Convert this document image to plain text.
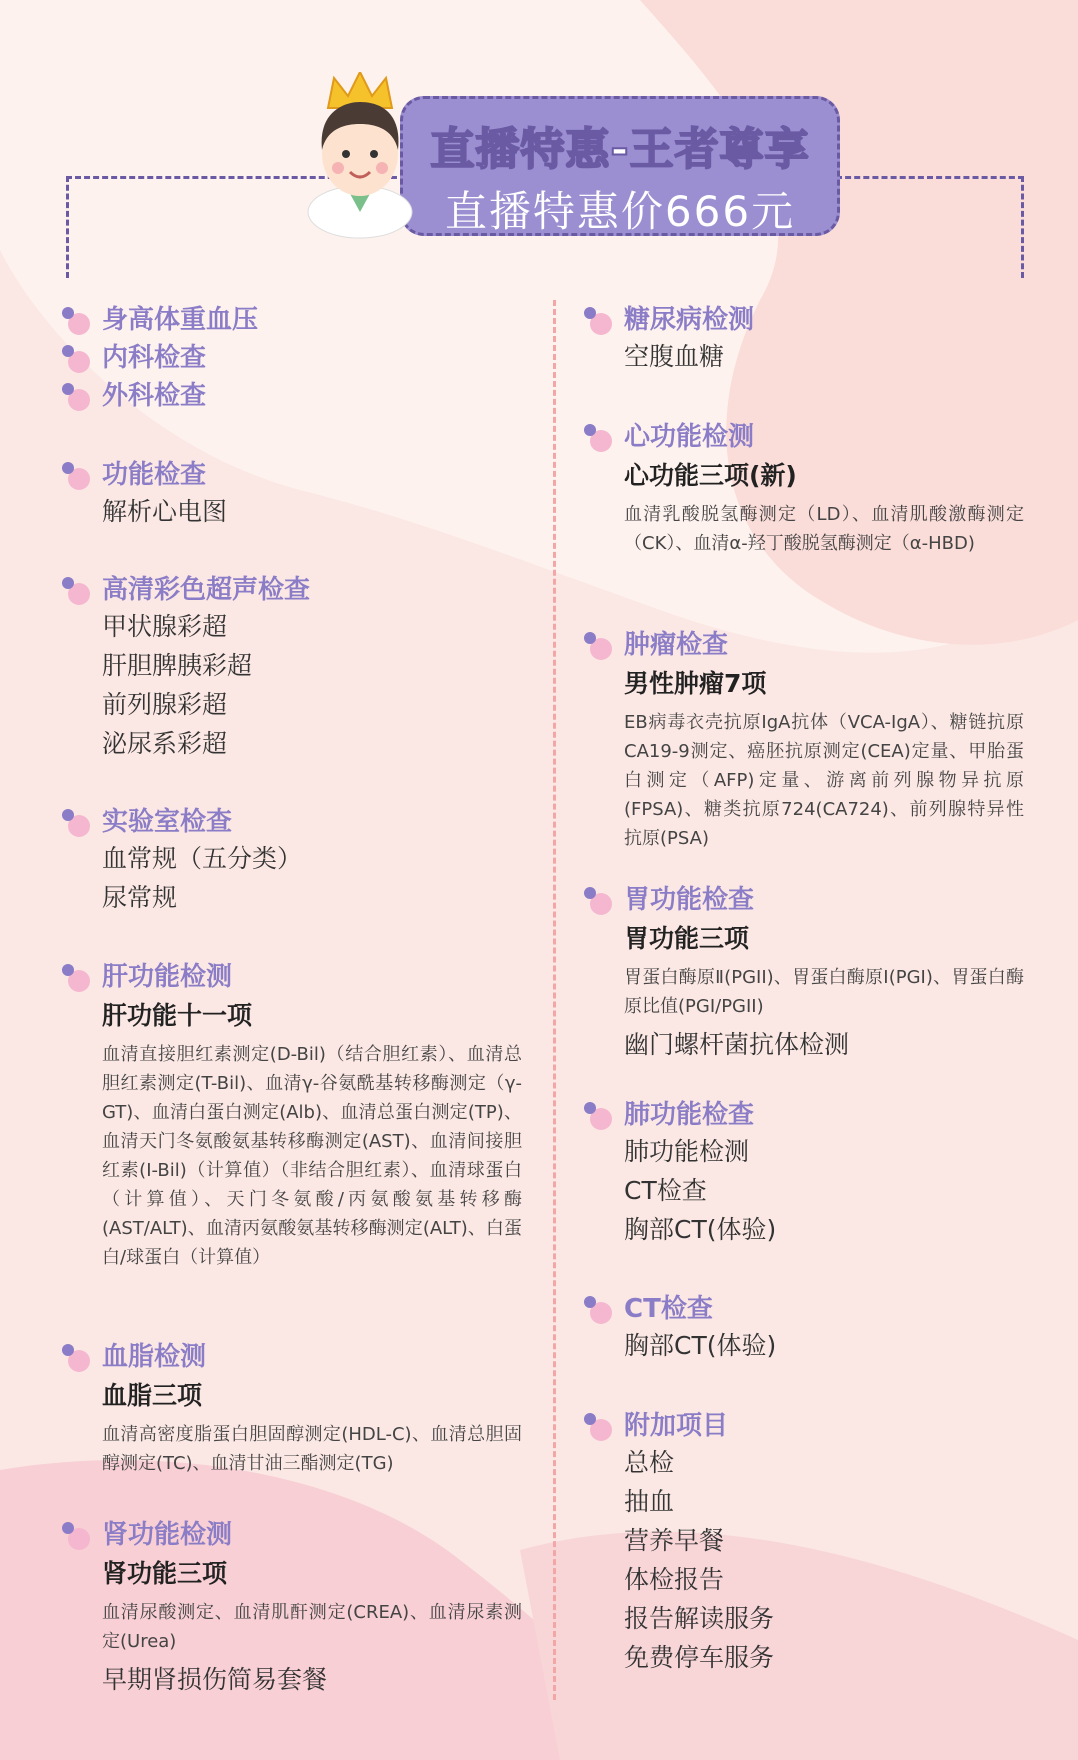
直播特惠-王者尊享
直播特惠价666元
身高体重血压
内科检查
外科检查
功能检查
解析心电图
高清彩色超声检查
甲状腺彩超
肝胆脾胰彩超
前列腺彩超
泌尿系彩超
实验室检查
血常规（五分类）
尿常规
肝功能检测
肝功能十一项
血清直接胆红素测定(D-Bil)（结合胆红素）、血清总胆红素测定(T-Bil)、血清γ-谷氨酰基转移酶测定（γ-GT)、血清白蛋白测定(Alb)、血清总蛋白测定(TP)、血清天门冬氨酸氨基转移酶测定(AST)、血清间接胆红素(I-Bil)（计算值）（非结合胆红素）、血清球蛋白（计算值）、天门冬氨酸/丙氨酸氨基转移酶(AST/ALT)、血清丙氨酸氨基转移酶测定(ALT)、白蛋白/球蛋白（计算值）
血脂检测
血脂三项
血清高密度脂蛋白胆固醇测定(HDL-C)、血清总胆固醇测定(TC)、血清甘油三酯测定(TG)
肾功能检测
肾功能三项
血清尿酸测定、血清肌酐测定(CREA)、血清尿素测定(Urea)
早期肾损伤简易套餐
糖尿病检测
空腹血糖
心功能检测
心功能三项(新)
血清乳酸脱氢酶测定（LD）、血清肌酸激酶测定（CK）、血清α-羟丁酸脱氢酶测定（α-HBD)
肿瘤检查
男性肿瘤7项
EB病毒衣壳抗原IgA抗体（VCA-IgA）、糖链抗原CA19-9测定、癌胚抗原测定(CEA)定量、甲胎蛋白测定（AFP)定量、游离前列腺物异抗原(FPSA)、糖类抗原724(CA724)、前列腺特异性抗原(PSA)
胃功能检查
胃功能三项
胃蛋白酶原Ⅱ(PGII)、胃蛋白酶原Ⅰ(PGI)、胃蛋白酶原比值(PGI/PGII)
幽门螺杆菌抗体检测
肺功能检查
肺功能检测
CT检查
胸部CT(体验)
CT检查
胸部CT(体验)
附加项目
总检
抽血
营养早餐
体检报告
报告解读服务
免费停车服务
